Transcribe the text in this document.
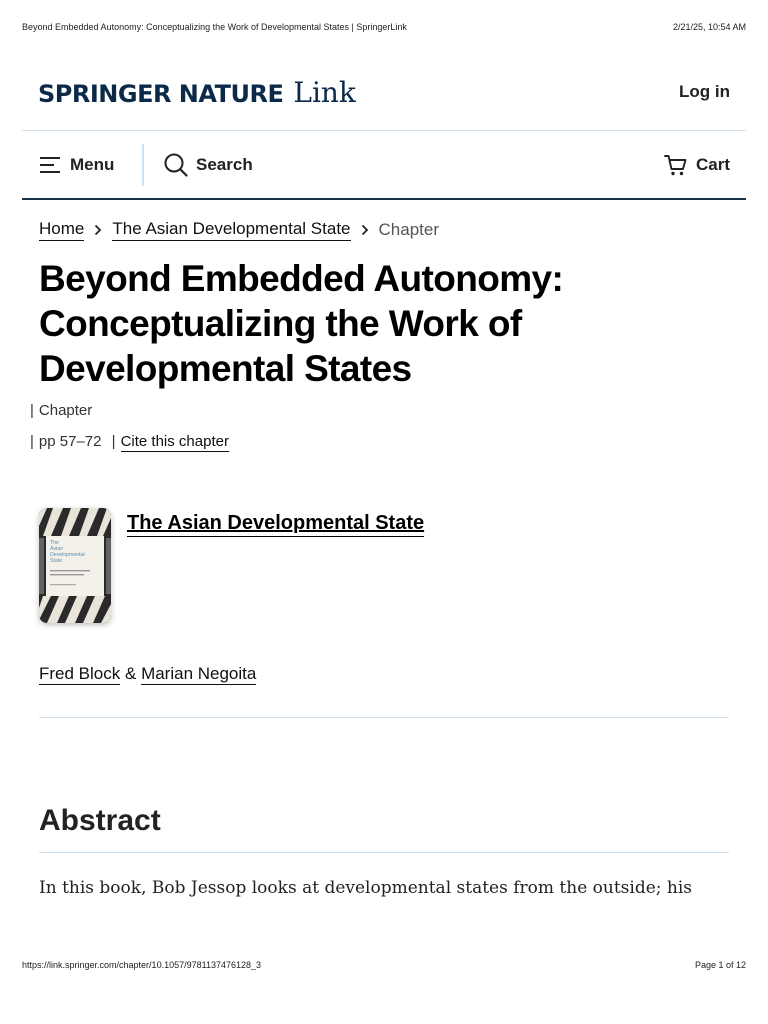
Beyond Embedded Autonomy: Conceptualizing the Work of Developmental States | SpringerLink	2/21/25, 10:54 AM
SPRINGER NATURE Link	Log in
Menu	Search	Cart
Home The Asian Developmental State Chapter
Beyond Embedded Autonomy: Conceptualizing the Work of Developmental States
| Chapter
| pp 57–72 | Cite this chapter
The
Asian
Developmental
State
The Asian Developmental State
Fred Block & Marian Negoita
Abstract

In this book, Bob Jessop looks at developmental states from the outside; his

https://link.springer.com/chapter/10.1057/9781137476128_3	Page 1 of 12
